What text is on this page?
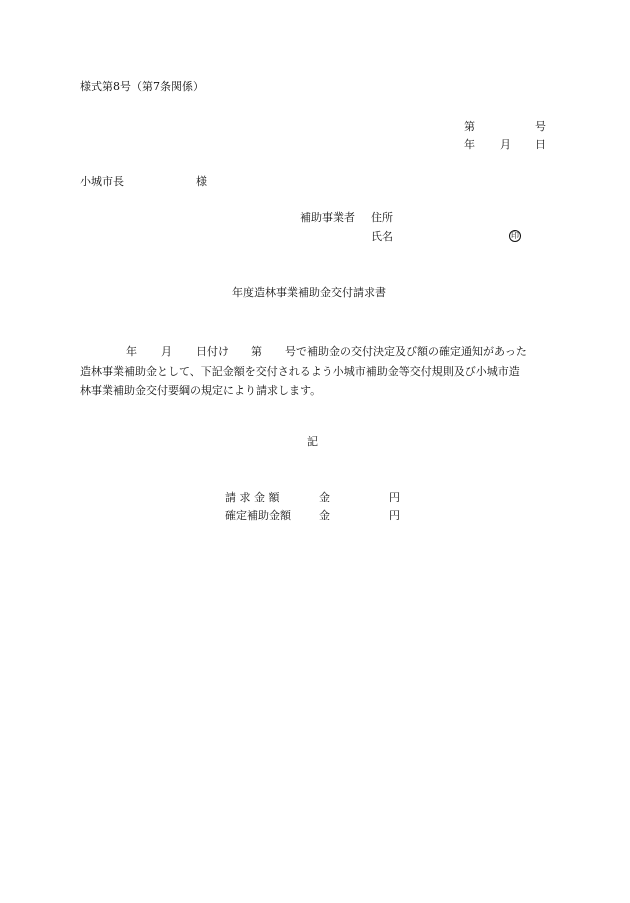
様式第8号（第7条関係）
第	号
年 月 日
小城市長	様
補助事業者 住所
氏名	印
年度造林事業補助金交付請求書
年 月 日付け 第 号で補助金の交付決定及び額の確定通知があった
造林事業補助金として、下記金額を交付されるよう小城市補助金等交付規則及び小城市造
林事業補助金交付要綱の規定により請求します。
記
請 求 金 額	金	円
確定補助金額	金	円
